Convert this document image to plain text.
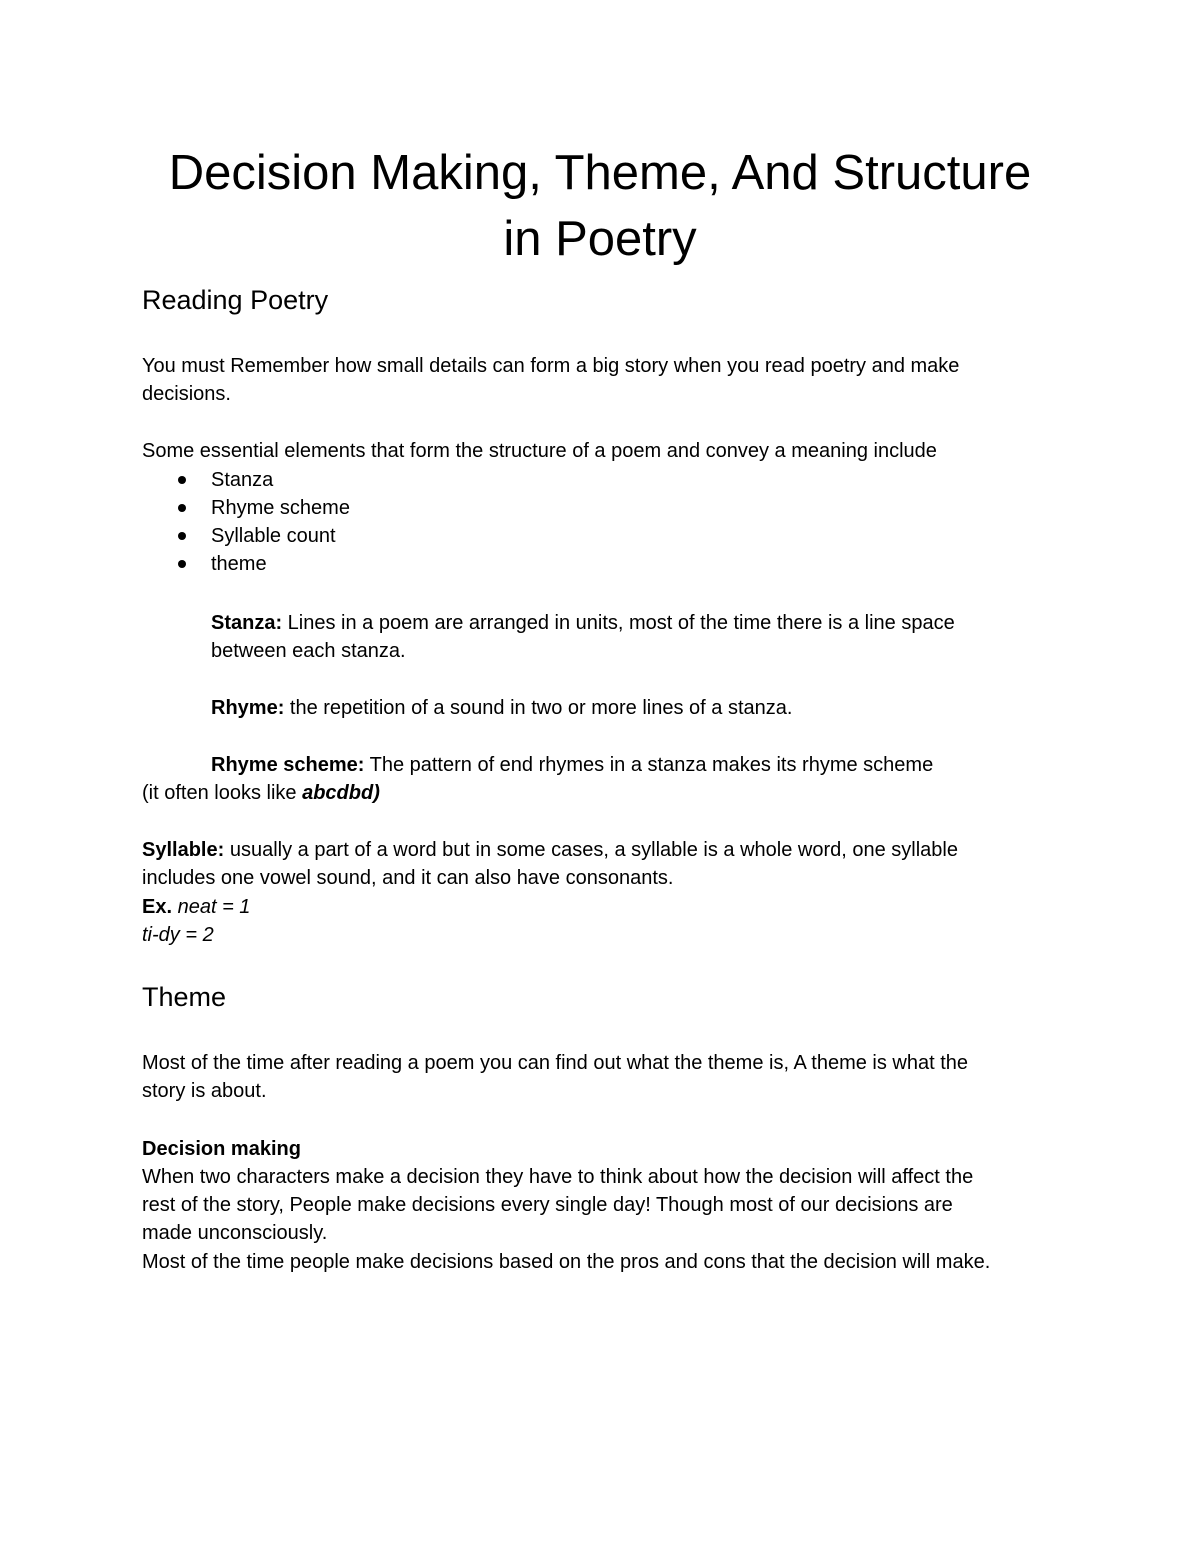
Decision Making, Theme, And Structure
in Poetry
Reading Poetry

You must Remember how small details can form a big story when you read poetry and make

decisions.

Some essential elements that form the structure of a poem and convey a meaning include

Stanza

Rhyme scheme

Syllable count

theme

Stanza: Lines in a poem are arranged in units, most of the time there is a line space

between each stanza.

Rhyme: the repetition of a sound in two or more lines of a stanza.

Rhyme scheme: The pattern of end rhymes in a stanza makes its rhyme scheme

(it often looks like abcdbd)

Syllable: usually a part of a word but in some cases, a syllable is a whole word, one syllable

includes one vowel sound, and it can also have consonants.

Ex. neat = 1

ti-dy = 2

Theme

Most of the time after reading a poem you can find out what the theme is, A theme is what the

story is about.

Decision making

When two characters make a decision they have to think about how the decision will affect the

rest of the story, People make decisions every single day! Though most of our decisions are

made unconsciously.

Most of the time people make decisions based on the pros and cons that the decision will make.
